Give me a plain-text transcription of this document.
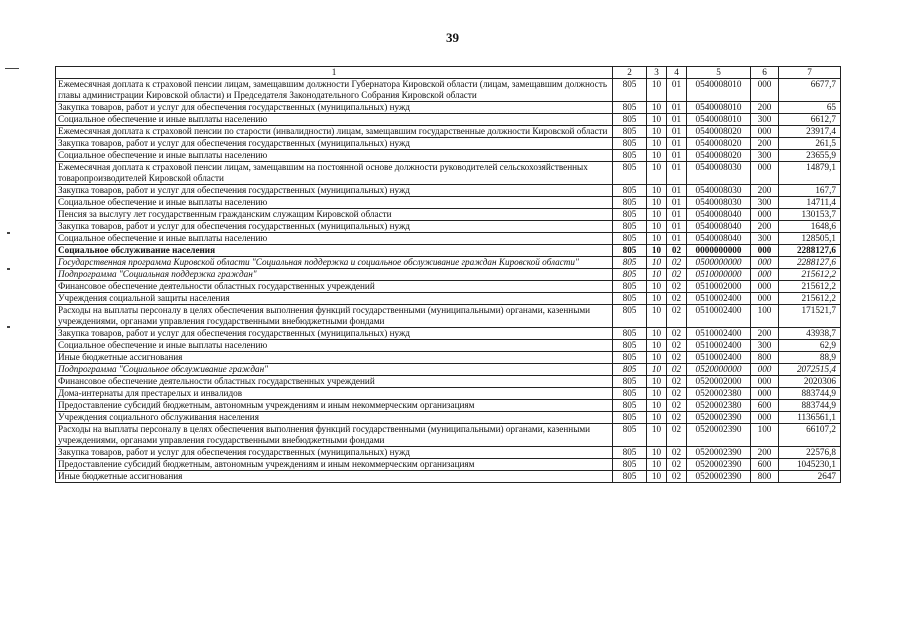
39
1	2	3	4	5	6	7
Ежемесячная доплата к страховой пенсии лицам, замещавшим должности Губернатора Кировской области (лицам, замещавшим должность главы администрации Кировской области) и Председателя Законодательного Собрания Кировской области	805	10	01	0540008010	000	6677,7
Закупка товаров, работ и услуг для обеспечения государственных (муниципальных) нужд	805	10	01	0540008010	200	65
Социальное обеспечение и иные выплаты населению	805	10	01	0540008010	300	6612,7
Ежемесячная доплата к страховой пенсии по старости (инвалидности) лицам, замещавшим государственные должности Кировской области	805	10	01	0540008020	000	23917,4
Закупка товаров, работ и услуг для обеспечения государственных (муниципальных) нужд	805	10	01	0540008020	200	261,5
Социальное обеспечение и иные выплаты населению	805	10	01	0540008020	300	23655,9
Ежемесячная доплата к страховой пенсии лицам, замещавшим на постоянной основе должности руководителей сельскохозяйственных товаропроизводителей Кировской области	805	10	01	0540008030	000	14879,1
Закупка товаров, работ и услуг для обеспечения государственных (муниципальных) нужд	805	10	01	0540008030	200	167,7
Социальное обеспечение и иные выплаты населению	805	10	01	0540008030	300	14711,4
Пенсия за выслугу лет государственным гражданским служащим Кировской области	805	10	01	0540008040	000	130153,7
Закупка товаров, работ и услуг для обеспечения государственных (муниципальных) нужд	805	10	01	0540008040	200	1648,6
Социальное обеспечение и иные выплаты населению	805	10	01	0540008040	300	128505,1
Социальное обслуживание населения	805	10	02	0000000000	000	2288127,6
Государственная программа Кировской области "Социальная поддержка и социальное обслуживание граждан Кировской области"	805	10	02	0500000000	000	2288127,6
Подпрограмма "Социальная поддержка граждан"	805	10	02	0510000000	000	215612,2
Финансовое обеспечение деятельности областных государственных учреждений	805	10	02	0510002000	000	215612,2
Учреждения социальной защиты населения	805	10	02	0510002400	000	215612,2
Расходы на выплаты персоналу в целях обеспечения выполнения функций государственными (муниципальными) органами, казенными учреждениями, органами управления государственными внебюджетными фондами	805	10	02	0510002400	100	171521,7
Закупка товаров, работ и услуг для обеспечения государственных (муниципальных) нужд	805	10	02	0510002400	200	43938,7
Социальное обеспечение и иные выплаты населению	805	10	02	0510002400	300	62,9
Иные бюджетные ассигнования	805	10	02	0510002400	800	88,9
Подпрограмма "Социальное обслуживание граждан"	805	10	02	0520000000	000	2072515,4
Финансовое обеспечение деятельности областных государственных учреждений	805	10	02	0520002000	000	2020306
Дома-интернаты для престарелых и инвалидов	805	10	02	0520002380	000	883744,9
Предоставление субсидий бюджетным, автономным учреждениям и иным некоммерческим организациям	805	10	02	0520002380	600	883744,9
Учреждения социального обслуживания населения	805	10	02	0520002390	000	1136561,1
Расходы на выплаты персоналу в целях обеспечения выполнения функций государственными (муниципальными) органами, казенными учреждениями, органами управления государственными внебюджетными фондами	805	10	02	0520002390	100	66107,2
Закупка товаров, работ и услуг для обеспечения государственных (муниципальных) нужд	805	10	02	0520002390	200	22576,8
Предоставление субсидий бюджетным, автономным учреждениям и иным некоммерческим организациям	805	10	02	0520002390	600	1045230,1
Иные бюджетные ассигнования	805	10	02	0520002390	800	2647
